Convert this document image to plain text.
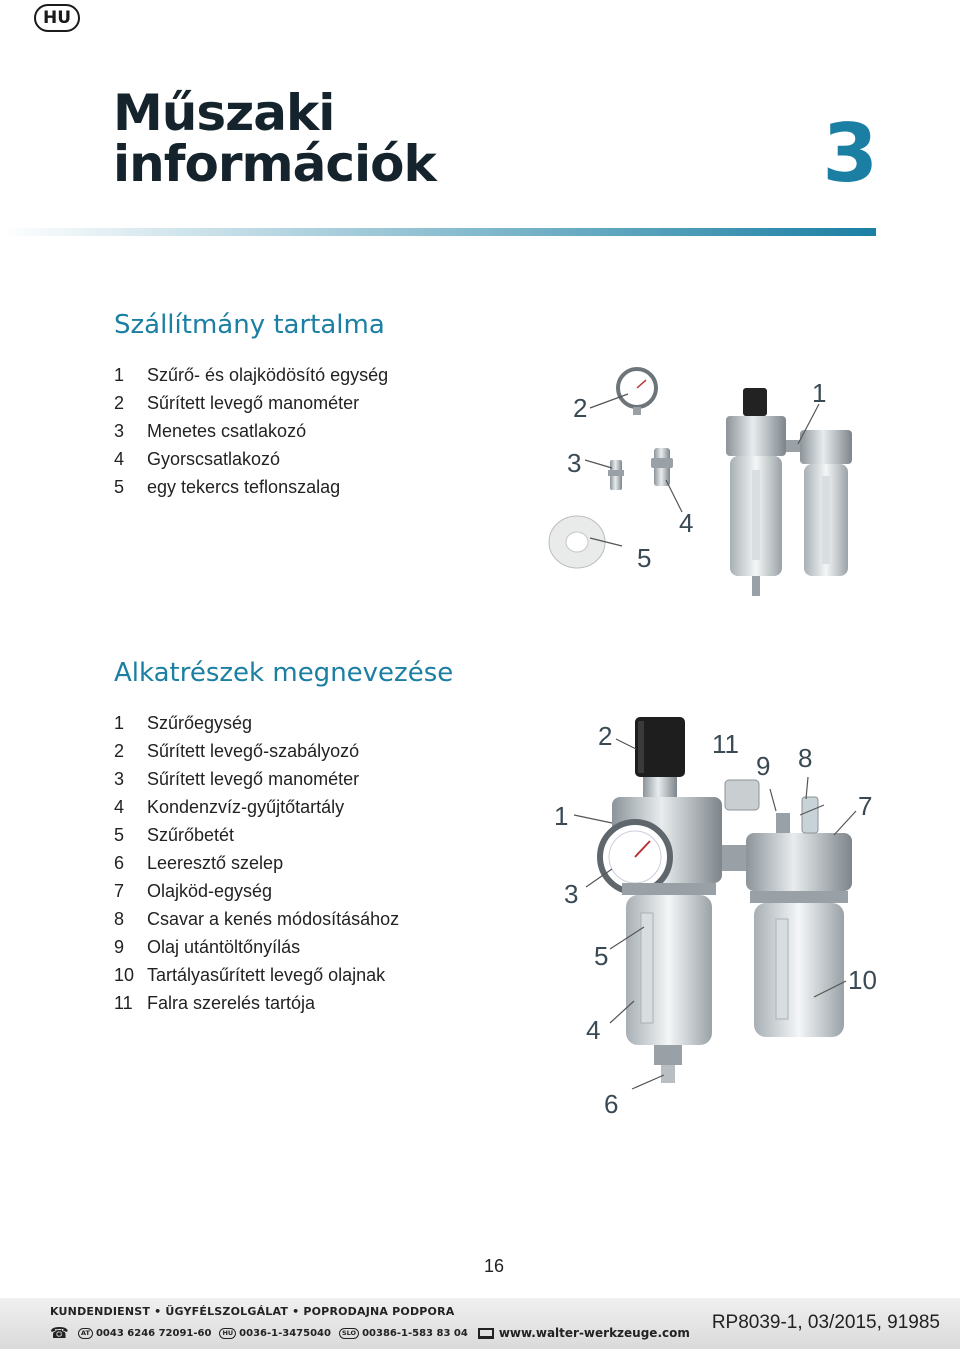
HU
Műszaki
információk	3
Szállítmány tartalma
1	Szűrő- és olajködösító egység
2	Sűrített levegő manométer
3	Menetes csatlakozó
4	Gyorscsatlakozó
5	egy tekercs teflonszalag
1
2
3
4
5
Alkatrészek megnevezése
1	Szűrőegység
2	Sűrített levegő-szabályozó
3	Sűrített levegő manométer
4	Kondenzvíz-gyűjtőtartály
5	Szűrőbetét
6	Leeresztő szelep
7	Olajköd-egység
8	Csavar a kenés módosításához
9	Olaj utántöltőnyílás
10 Tartályasűrített levegő olajnak
11 Falra szerelés tartója
2
1
3
5
4
6
11
9 8
7
10
16
KUNDENDIENST • ÜGYFÉLSZOLGÁLAT • POPRODAJNA PODPORA
☎	AT 0043 6246 72091-60	HU 0036-1-3475040	SLO 00386-1-583 83 04	www.walter-werkzeuge.com RP8039-1, 03/2015, 91985
